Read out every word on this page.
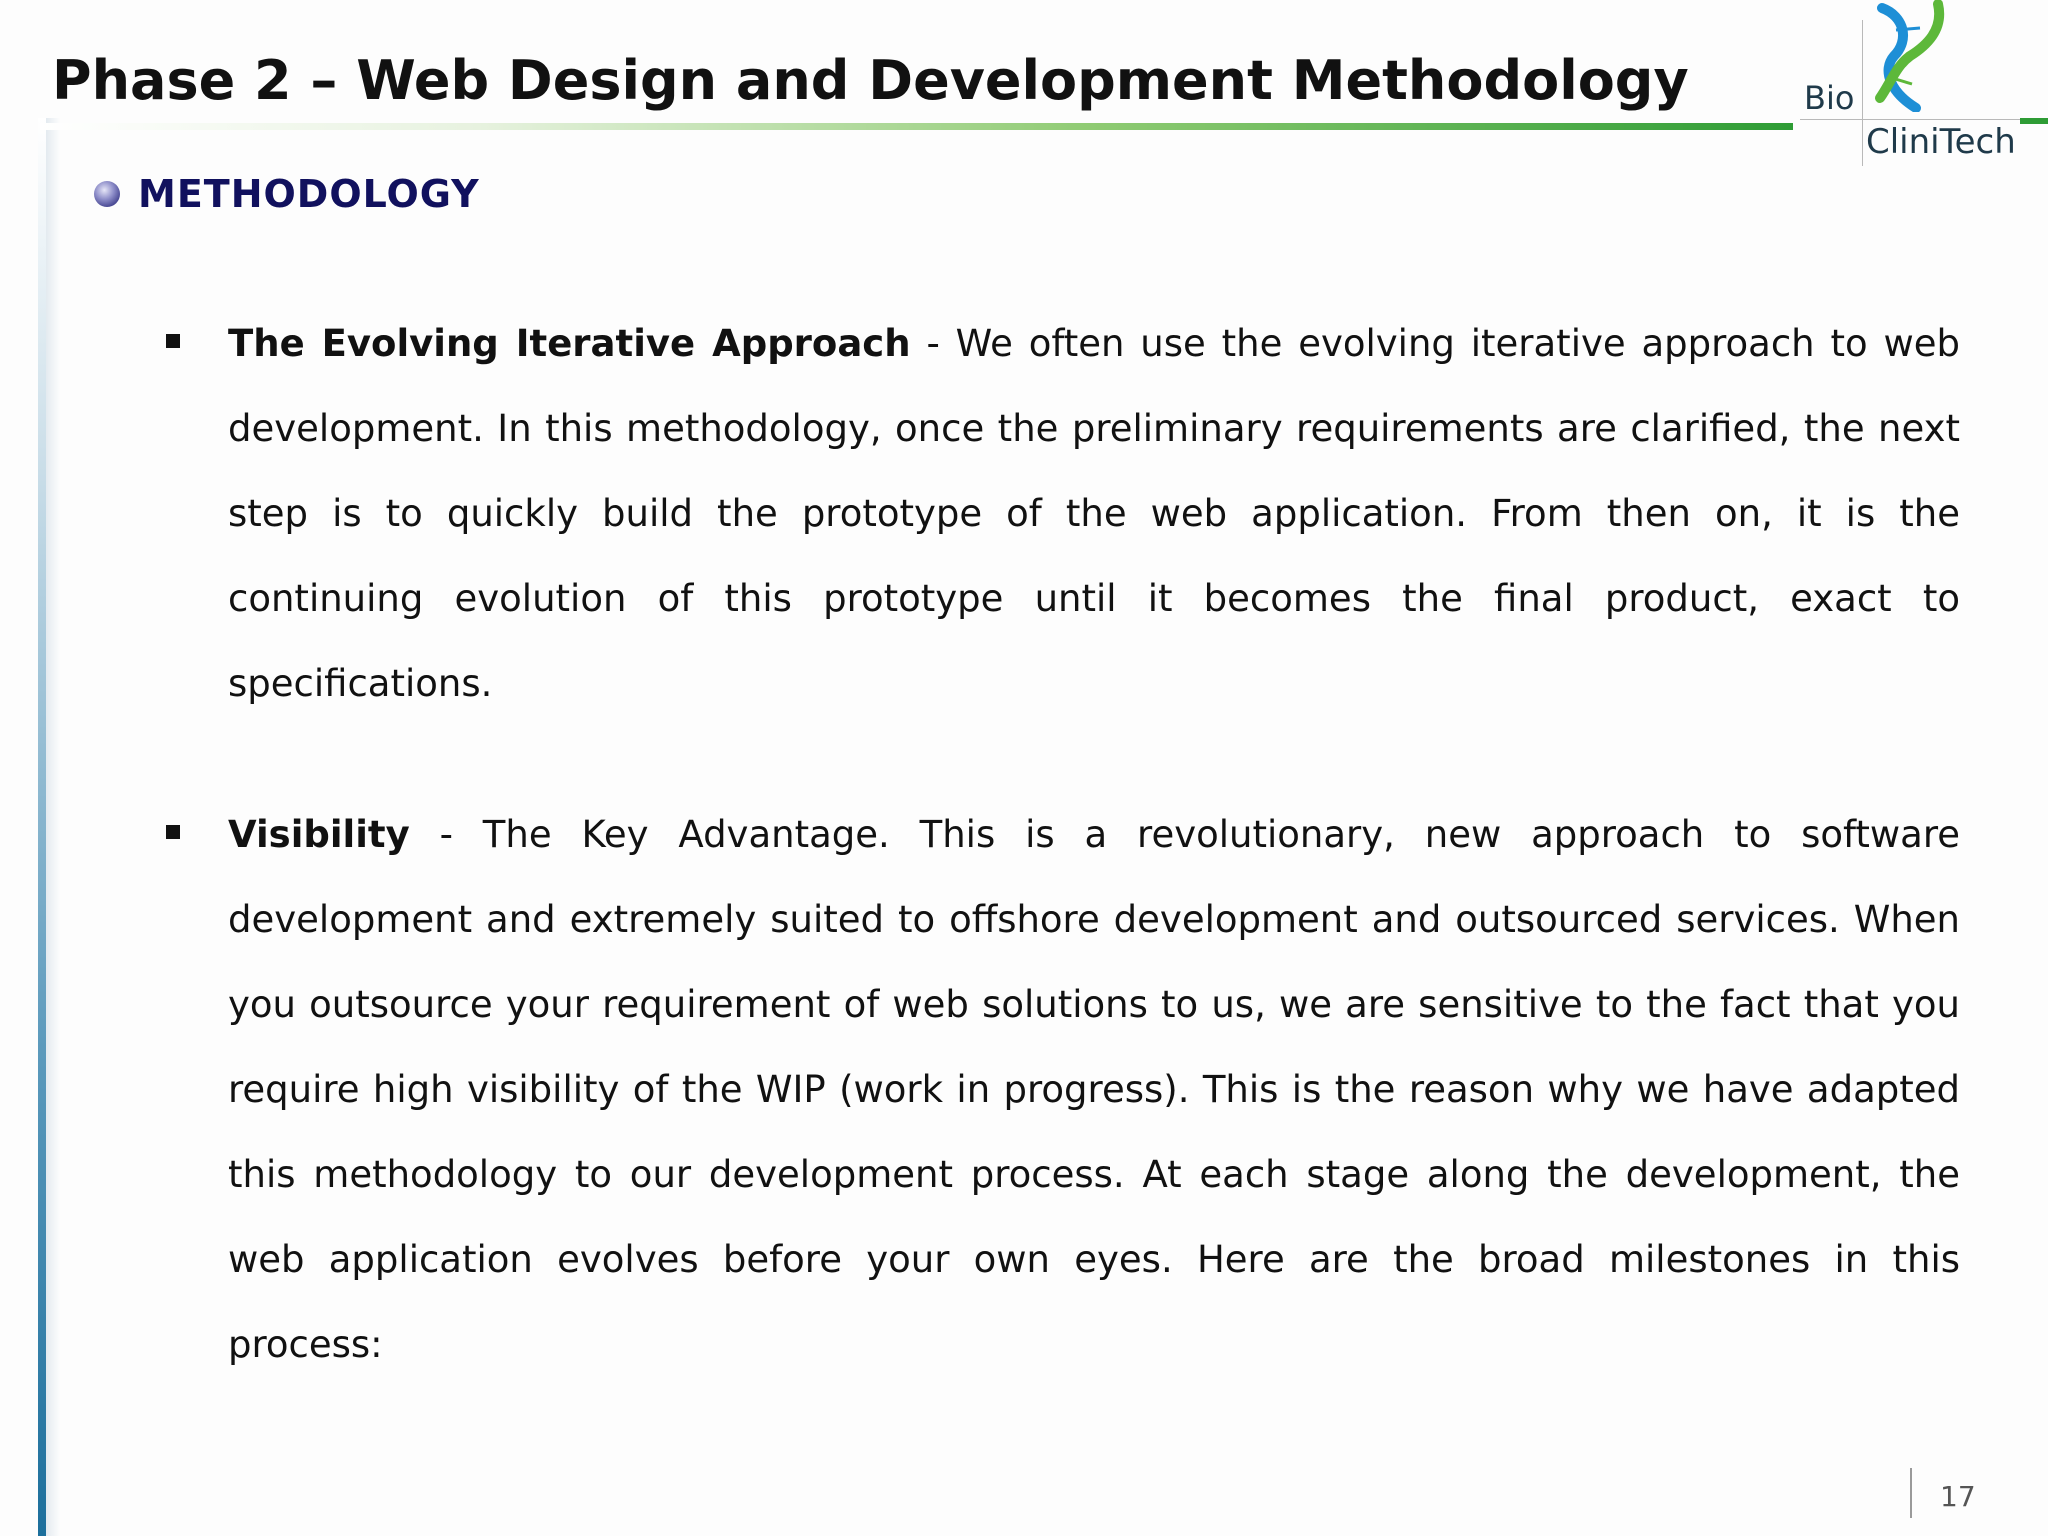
Phase 2 – Web Design and Development Methodology	Bio
CliniTech
METHODOLOGY

The Evolving Iterative Approach - We often use the evolving iterative approach to web development. In this methodology, once the preliminary requirements are clarified, the next step is to quickly build the prototype of the web application. From then on, it is the continuing evolution of this prototype until it becomes the final product, exact to specifications.

Visibility - The Key Advantage. This is a revolutionary, new approach to software development and extremely suited to offshore development and outsourced services. When you outsource your requirement of web solutions to us, we are sensitive to the fact that you require high visibility of the WIP (work in progress). This is the reason why we have adapted this methodology to our development process. At each stage along the development, the web application evolves before your own eyes. Here are the broad milestones in this process:

17
